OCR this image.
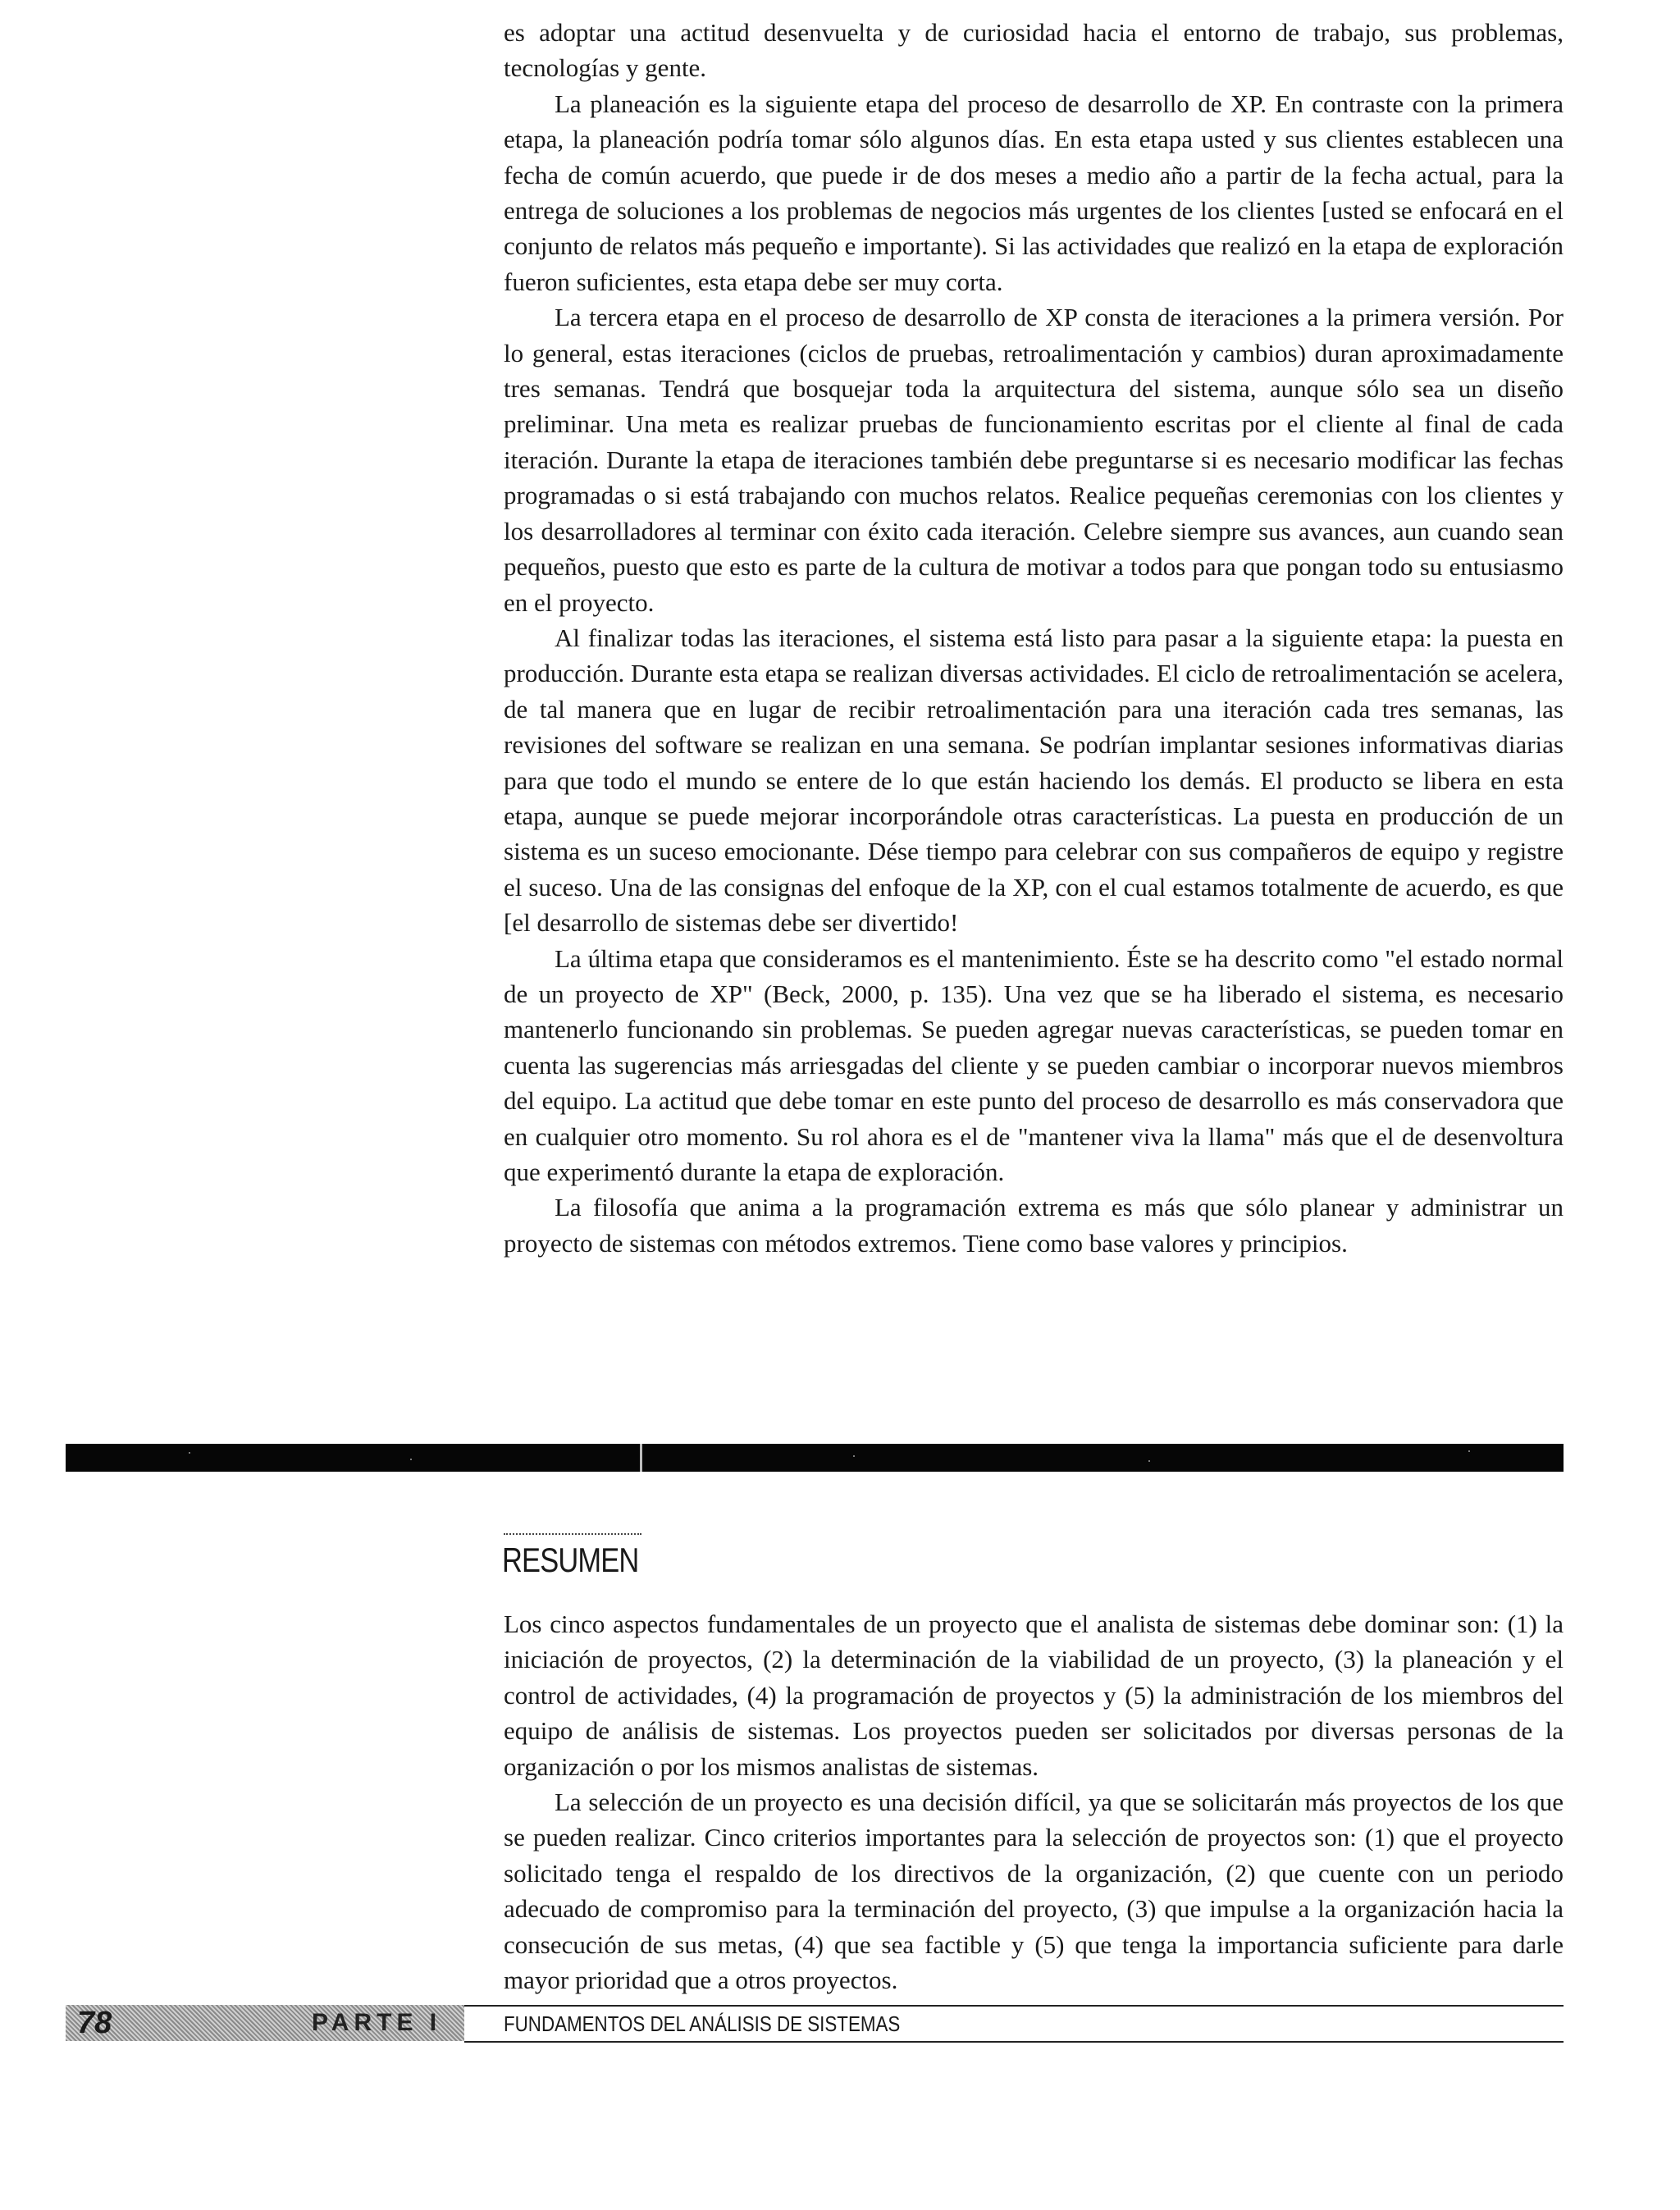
es adoptar una actitud desenvuelta y de curiosidad hacia el entorno de trabajo, sus problemas, tecnologías y gente.

La planeación es la siguiente etapa del proceso de desarrollo de XP. En contraste con la primera etapa, la planeación podría tomar sólo algunos días. En esta etapa usted y sus clientes establecen una fecha de común acuerdo, que puede ir de dos meses a medio año a partir de la fecha actual, para la entrega de soluciones a los problemas de negocios más urgentes de los clientes [usted se enfocará en el conjunto de relatos más pequeño e importante). Si las actividades que realizó en la etapa de exploración fueron suficientes, esta etapa debe ser muy corta.

La tercera etapa en el proceso de desarrollo de XP consta de iteraciones a la primera versión. Por lo general, estas iteraciones (ciclos de pruebas, retroalimentación y cambios) duran aproximadamente tres semanas. Tendrá que bosquejar toda la arquitectura del sistema, aunque sólo sea un diseño preliminar. Una meta es realizar pruebas de funcionamiento escritas por el cliente al final de cada iteración. Durante la etapa de iteraciones también debe preguntarse si es necesario modificar las fechas programadas o si está trabajando con muchos relatos. Realice pequeñas ceremonias con los clientes y los desarrolladores al terminar con éxito cada iteración. Celebre siempre sus avances, aun cuando sean pequeños, puesto que esto es parte de la cultura de motivar a todos para que pongan todo su entusiasmo en el proyecto.

Al finalizar todas las iteraciones, el sistema está listo para pasar a la siguiente etapa: la puesta en producción. Durante esta etapa se realizan diversas actividades. El ciclo de retroalimentación se acelera, de tal manera que en lugar de recibir retroalimentación para una iteración cada tres semanas, las revisiones del software se realizan en una semana. Se podrían implantar sesiones informativas diarias para que todo el mundo se entere de lo que están haciendo los demás. El producto se libera en esta etapa, aunque se puede mejorar incorporándole otras características. La puesta en producción de un sistema es un suceso emocionante. Dése tiempo para celebrar con sus compañeros de equipo y registre el suceso. Una de las consignas del enfoque de la XP, con el cual estamos totalmente de acuerdo, es que [el desarrollo de sistemas debe ser divertido!

La última etapa que consideramos es el mantenimiento. Éste se ha descrito como "el estado normal de un proyecto de XP" (Beck, 2000, p. 135). Una vez que se ha liberado el sistema, es necesario mantenerlo funcionando sin problemas. Se pueden agregar nuevas características, se pueden tomar en cuenta las sugerencias más arriesgadas del cliente y se pueden cambiar o incorporar nuevos miembros del equipo. La actitud que debe tomar en este punto del proceso de desarrollo es más conservadora que en cualquier otro momento. Su rol ahora es el de "mantener viva la llama" más que el de desenvoltura que experimentó durante la etapa de exploración.

La filosofía que anima a la programación extrema es más que sólo planear y administrar un proyecto de sistemas con métodos extremos. Tiene como base valores y principios.

RESUMEN

Los cinco aspectos fundamentales de un proyecto que el analista de sistemas debe dominar son: (1) la iniciación de proyectos, (2) la determinación de la viabilidad de un proyecto, (3) la planeación y el control de actividades, (4) la programación de proyectos y (5) la administración de los miembros del equipo de análisis de sistemas. Los proyectos pueden ser solicitados por diversas personas de la organización o por los mismos analistas de sistemas.

La selección de un proyecto es una decisión difícil, ya que se solicitarán más proyectos de los que se pueden realizar. Cinco criterios importantes para la selección de proyectos son: (1) que el proyecto solicitado tenga el respaldo de los directivos de la organización, (2) que cuente con un periodo adecuado de compromiso para la terminación del proyecto, (3) que impulse a la organización hacia la consecución de sus metas, (4) que sea factible y (5) que tenga la importancia suficiente para darle mayor prioridad que a otros proyectos.

78	PARTE I	FUNDAMENTOS DEL ANÁLISIS DE SISTEMAS
